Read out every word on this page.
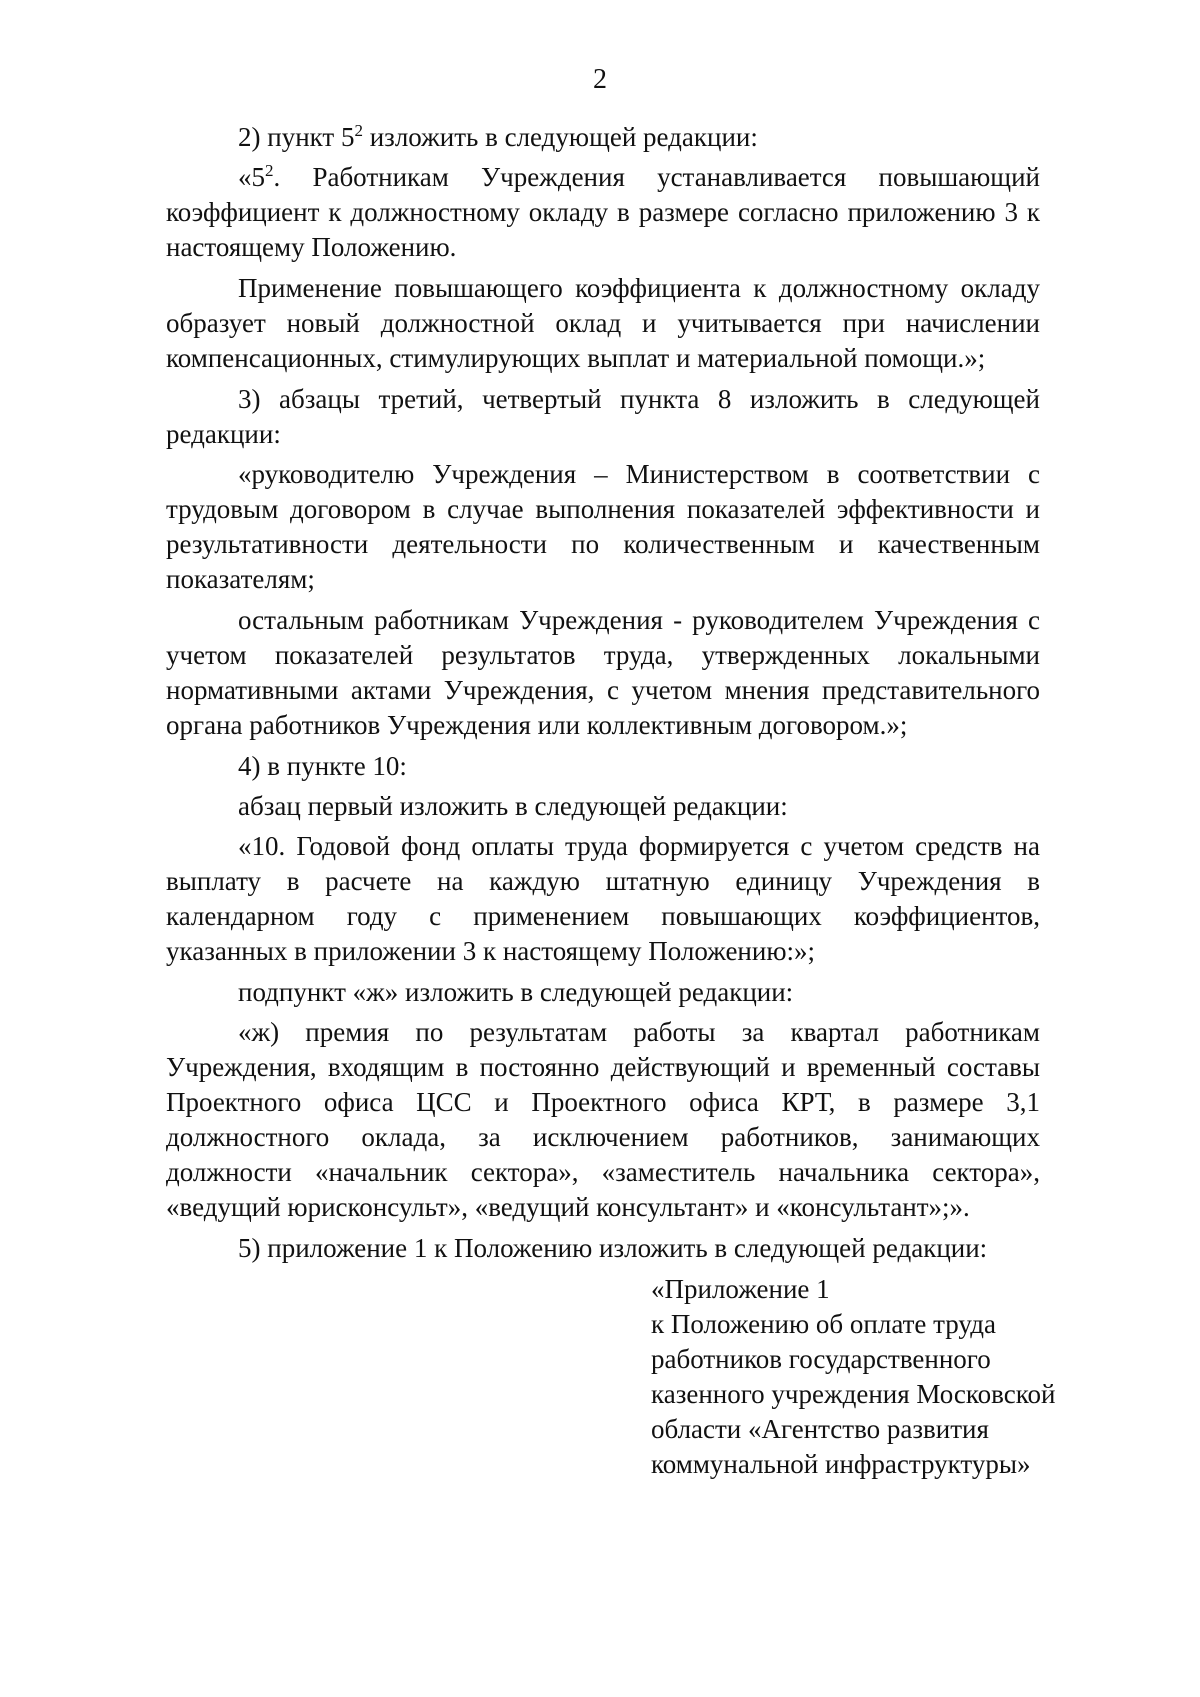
2

2) пункт $5^2$ изложить в следующей редакции:

«$5^2$. Работникам Учреждения устанавливается повышающий коэффициент к должностному окладу в размере согласно приложению 3 к настоящему Положению.

Применение повышающего коэффициента к должностному окладу образует новый должностной оклад и учитывается при начислении компенсационных, стимулирующих выплат и материальной помощи.»;

3) абзацы третий, четвертый пункта 8 изложить в следующей редакции:

«руководителю Учреждения – Министерством в соответствии с трудовым договором в случае выполнения показателей эффективности и результативности деятельности по количественным и качественным показателям;

остальным работникам Учреждения - руководителем Учреждения с учетом показателей результатов труда, утвержденных локальными нормативными актами Учреждения, с учетом мнения представительного органа работников Учреждения или коллективным договором.»;

4) в пункте 10:

абзац первый изложить в следующей редакции:

«10. Годовой фонд оплаты труда формируется с учетом средств на выплату в расчете на каждую штатную единицу Учреждения в календарном году с применением повышающих коэффициентов, указанных в приложении 3 к настоящему Положению:»;

подпункт «ж» изложить в следующей редакции:

«ж) премия по результатам работы за квартал работникам Учреждения, входящим в постоянно действующий и временный составы Проектного офиса ЦСС и Проектного офиса КРТ, в размере 3,1 должностного оклада, за исключением работников, занимающих должности «начальник сектора», «заместитель начальника сектора», «ведущий юрисконсульт», «ведущий консультант» и «консультант»;».

5) приложение 1 к Положению изложить в следующей редакции:

«Приложение 1
к Положению об оплате труда
работников государственного
казенного учреждения Московской
области «Агентство развития
коммунальной инфраструктуры»
